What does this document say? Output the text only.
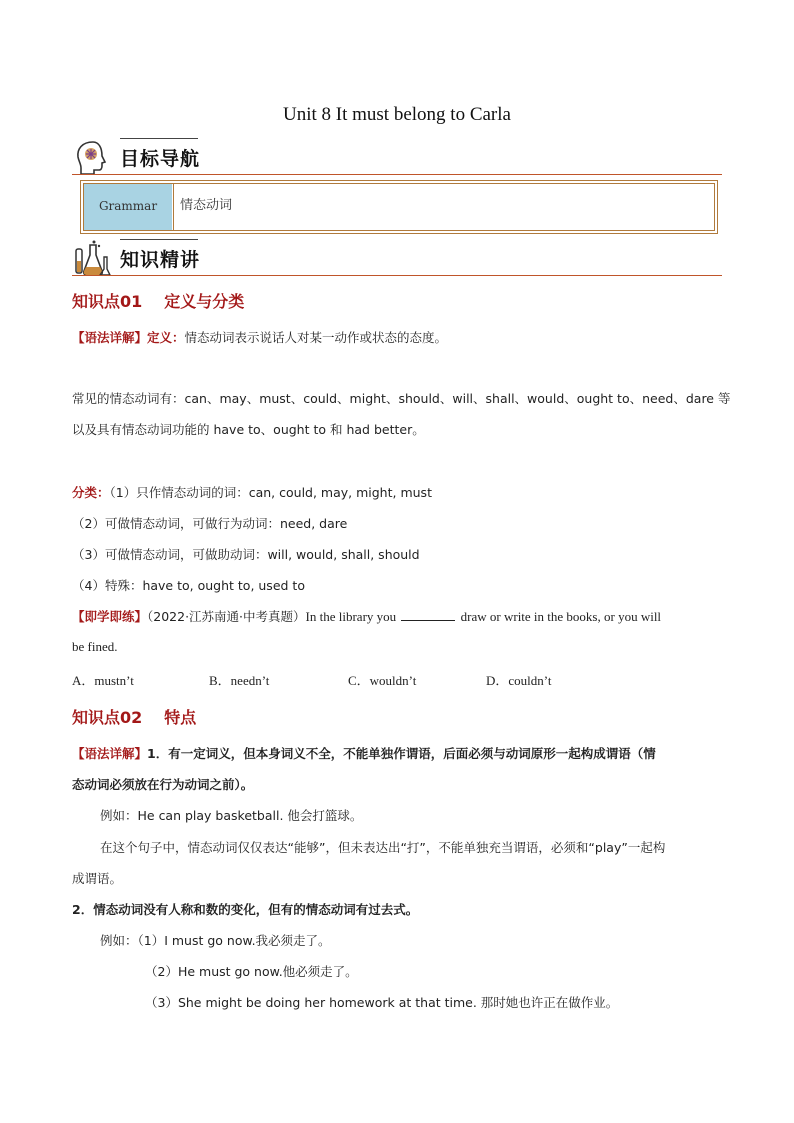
Unit 8 It must belong to Carla
目标导航
Grammar	情态动词
知识精讲
知识点01 定义与分类
【语法详解】定义：情态动词表示说话人对某一动作或状态的态度。
常见的情态动词有：can、may、must、could、might、should、will、shall、would、ought to、need、dare 等
以及具有情态动词功能的 have to、ought to 和 had better。
分类：（1）只作情态动词的词：can, could, may, might, must
（2）可做情态动词，可做行为动词：need, dare
（3）可做情态动词，可做助动词：will, would, shall, should
（4）特殊：have to, ought to, used to
【即学即练】（2022·江苏南通·中考真题）In the library you	draw or write in the books, or you will
be fined.
A．mustn’t	B．needn’t	C．wouldn’t	D．couldn’t
知识点02 特点
【语法详解】1．有一定词义，但本身词义不全，不能单独作谓语，后面必须与动词原形一起构成谓语（情
态动词必须放在行为动词之前）。
例如：He can play basketball. 他会打篮球。
在这个句子中，情态动词仅仅表达“能够”，但未表达出“打”，不能单独充当谓语，必须和“play”一起构
成谓语。
2．情态动词没有人称和数的变化，但有的情态动词有过去式。
例如：（1）I must go now.我必须走了。
（2）He must go now.他必须走了。
（3）She might be doing her homework at that time. 那时她也许正在做作业。
